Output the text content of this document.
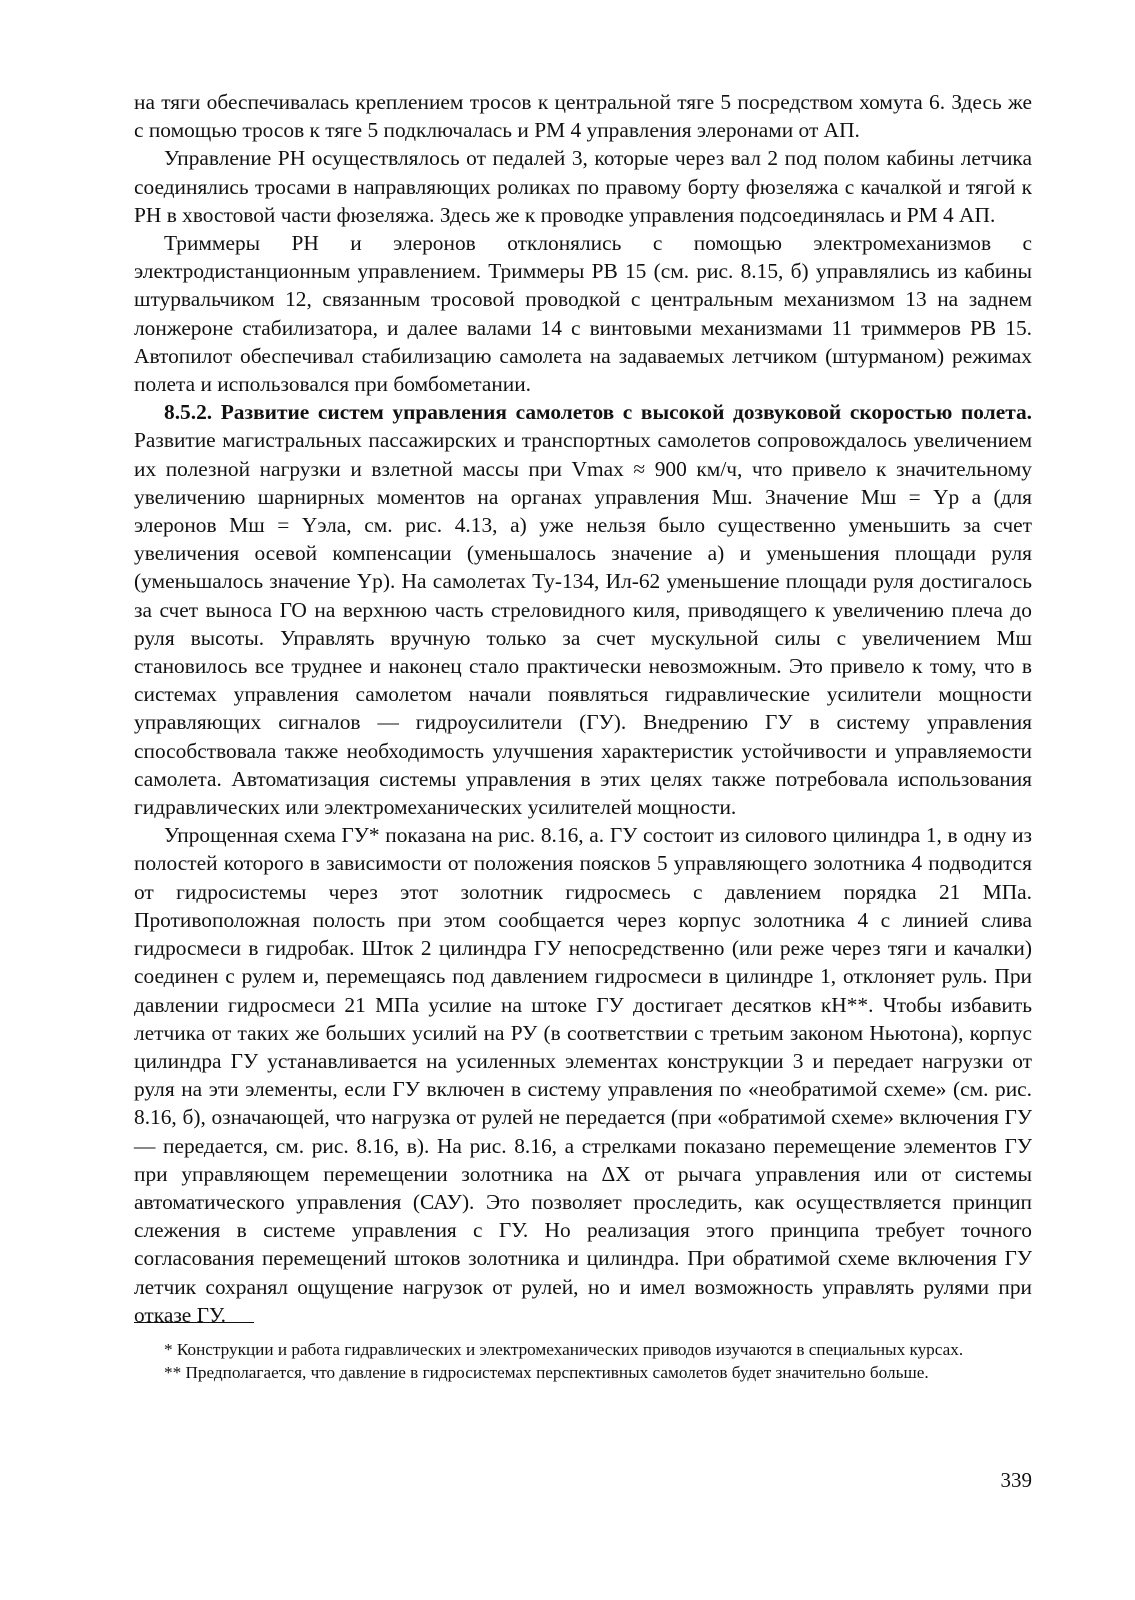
на тяги обеспечивалась креплением тросов к центральной тяге 5 посредством хомута 6. Здесь же с помощью тросов к тяге 5 подключалась и РМ 4 управления элеронами от АП.

Управление РН осуществлялось от педалей 3, которые через вал 2 под полом кабины летчика соединялись тросами в направляющих роликах по правому борту фюзеляжа с качалкой и тягой к РН в хвостовой части фюзеляжа. Здесь же к проводке управления подсоединялась и РМ 4 АП.

Триммеры РН и элеронов отклонялись с помощью электромеханизмов с электродистанционным управлением. Триммеры РВ 15 (см. рис. 8.15, б) управлялись из кабины штурвальчиком 12, связанным тросовой проводкой с центральным механизмом 13 на заднем лонжероне стабилизатора, и далее валами 14 с винтовыми механизмами 11 триммеров РВ 15. Автопилот обеспечивал стабилизацию самолета на задаваемых летчиком (штурманом) режимах полета и использовался при бомбометании.

8.5.2. Развитие систем управления самолетов с высокой дозвуковой скоростью полета. Развитие магистральных пассажирских и транспортных самолетов сопровождалось увеличением их полезной нагрузки и взлетной массы при Vmax ≈ 900 км/ч, что привело к значительному увеличению шарнирных моментов на органах управления Mш. Значение Mш = Yр a (для элеронов Mш = Yэлa, см. рис. 4.13, а) уже нельзя было существенно уменьшить за счет увеличения осевой компенсации (уменьшалось значение а) и уменьшения площади руля (уменьшалось значение Yр). На самолетах Ту-134, Ил-62 уменьшение площади руля достигалось за счет выноса ГО на верхнюю часть стреловидного киля, приводящего к увеличению плеча до руля высоты. Управлять вручную только за счет мускульной силы с увеличением Mш становилось все труднее и наконец стало практически невозможным. Это привело к тому, что в системах управления самолетом начали появляться гидравлические усилители мощности управляющих сигналов — гидроусилители (ГУ). Внедрению ГУ в систему управления способствовала также необходимость улучшения характеристик устойчивости и управляемости самолета. Автоматизация системы управления в этих целях также потребовала использования гидравлических или электромеханических усилителей мощности.

Упрощенная схема ГУ* показана на рис. 8.16, а. ГУ состоит из силового цилиндра 1, в одну из полостей которого в зависимости от положения поясков 5 управляющего золотника 4 подводится от гидросистемы через этот золотник гидросмесь с давлением порядка 21 МПа. Противоположная полость при этом сообщается через корпус золотника 4 с линией слива гидросмеси в гидробак. Шток 2 цилиндра ГУ непосредственно (или реже через тяги и качалки) соединен с рулем и, перемещаясь под давлением гидросмеси в цилиндре 1, отклоняет руль. При давлении гидросмеси 21 МПа усилие на штоке ГУ достигает десятков кН**. Чтобы избавить летчика от таких же больших усилий на РУ (в соответствии с третьим законом Ньютона), корпус цилиндра ГУ устанавливается на усиленных элементах конструкции 3 и передает нагрузки от руля на эти элементы, если ГУ включен в систему управления по «необратимой схеме» (см. рис. 8.16, б), означающей, что нагрузка от рулей не передается (при «обратимой схеме» включения ГУ — передается, см. рис. 8.16, в). На рис. 8.16, а стрелками показано перемещение элементов ГУ при управляющем перемещении золотника на ΔX от рычага управления или от системы автоматического управления (САУ). Это позволяет проследить, как осуществляется принцип слежения в системе управления с ГУ. Но реализация этого принципа требует точного согласования перемещений штоков золотника и цилиндра. При обратимой схеме включения ГУ летчик сохранял ощущение нагрузок от рулей, но и имел возможность управлять рулями при отказе ГУ.

* Конструкции и работа гидравлических и электромеханических приводов изучаются в специальных курсах.

** Предполагается, что давление в гидросистемах перспективных самолетов будет значительно больше.

339
